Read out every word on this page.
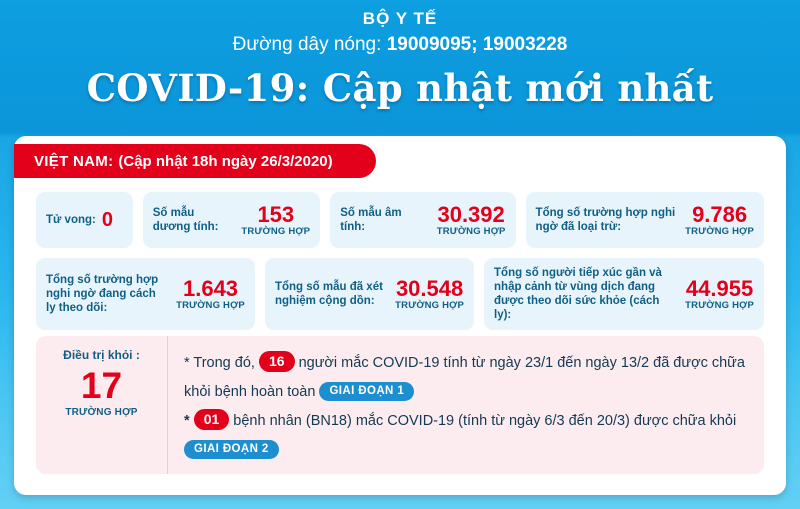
BỘ Y TẾ
Đường dây nóng: 19009095; 19003228
COVID-19: Cập nhật mới nhất
VIỆT NAM: (Cập nhật 18h ngày 26/3/2020)
Tử vong: 0	Số mẫu dương tính:
153
TRƯỜNG HỢP
Số mẫu âm tính:
30.392
TRƯỜNG HỢP
Tổng số trường hợp nghi ngờ đã loại trừ:
9.786
TRƯỜNG HỢP
Tổng số trường hợp nghi ngờ đang cách ly theo dõi:
1.643
TRƯỜNG HỢP
Tổng số mẫu đã xét nghiệm cộng dồn:
30.548
TRƯỜNG HỢP
Tổng số người tiếp xúc gần và nhập cảnh từ vùng dịch đang được theo dõi sức khỏe (cách ly):
44.955
TRƯỜNG HỢP
Điều trị khỏi :
17
TRƯỜNG HỢP
* Trong đó, 16 người mắc COVID-19 tính từ ngày 23/1 đến ngày 13/2 đã được chữa khỏi bệnh hoàn toàn GIAI ĐOẠN 1
* 01 bệnh nhân (BN18) mắc COVID-19 (tính từ ngày 6/3 đến 20/3) được chữa khỏi GIAI ĐOẠN 2
